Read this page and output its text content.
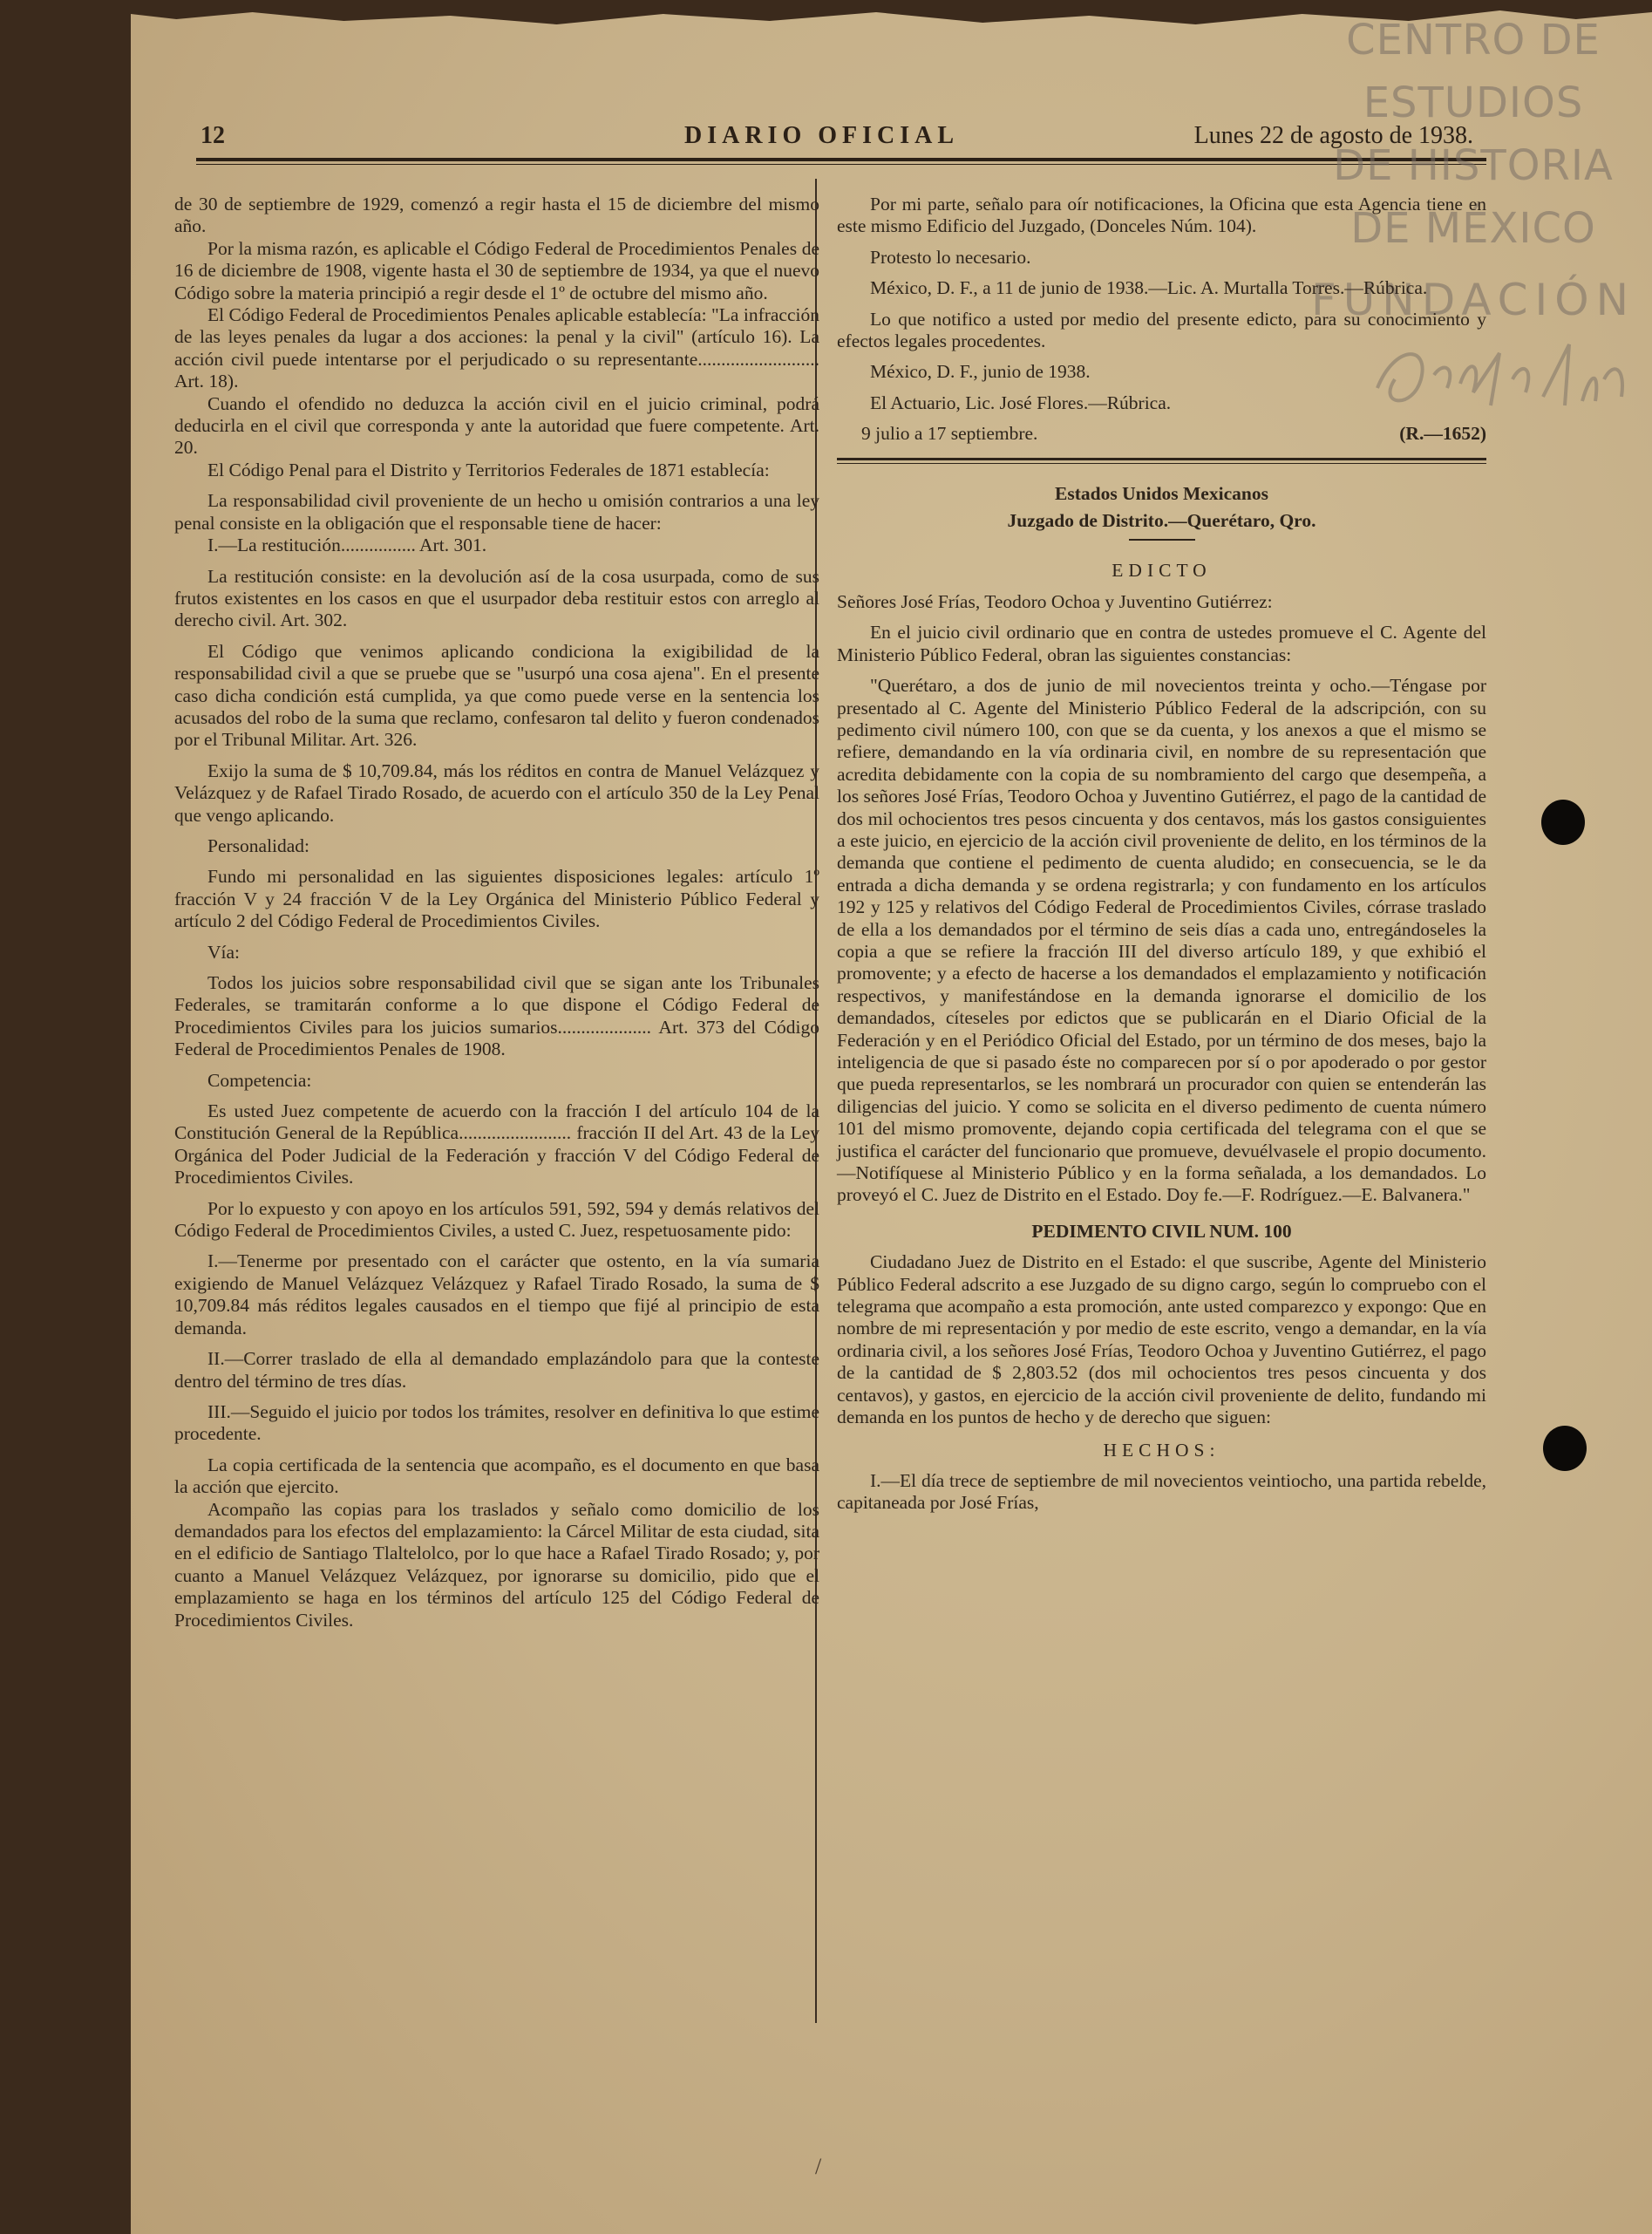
12	DIARIO OFICIAL	Lunes 22 de agosto de 1938.
CENTRO DE
ESTUDIOS
DE HISTORIA
DE MÉXICO
FUNDACIÓN

de 30 de septiembre de 1929, comenzó a regir hasta el 15 de diciembre del mismo año.

Por la misma razón, es aplicable el Código Federal de Procedimientos Penales de 16 de diciembre de 1908, vigente hasta el 30 de septiembre de 1934, ya que el nuevo Código sobre la materia principió a regir desde el 1º de octubre del mismo año.

El Código Federal de Procedimientos Penales aplicable establecía: "La infracción de las leyes penales da lugar a dos acciones: la penal y la civil" (artículo 16). La acción civil puede intentarse por el perjudicado o su representante.......................... Art. 18).

Cuando el ofendido no deduzca la acción civil en el juicio criminal, podrá deducirla en el civil que corresponda y ante la autoridad que fuere competente. Art. 20.

El Código Penal para el Distrito y Territorios Federales de 1871 establecía:

La responsabilidad civil proveniente de un hecho u omisión contrarios a una ley penal consiste en la obligación que el responsable tiene de hacer:

I.—La restitución................ Art. 301.

La restitución consiste: en la devolución así de la cosa usurpada, como de sus frutos existentes en los casos en que el usurpador deba restituir estos con arreglo al derecho civil. Art. 302.

El Código que venimos aplicando condiciona la exigibilidad de la responsabilidad civil a que se pruebe que se "usurpó una cosa ajena". En el presente caso dicha condición está cumplida, ya que como puede verse en la sentencia los acusados del robo de la suma que reclamo, confesaron tal delito y fueron condenados por el Tribunal Militar. Art. 326.

Exijo la suma de $ 10,709.84, más los réditos en contra de Manuel Velázquez y Velázquez y de Rafael Tirado Rosado, de acuerdo con el artículo 350 de la Ley Penal que vengo aplicando.

Personalidad:

Fundo mi personalidad en las siguientes disposiciones legales: artículo 1º fracción V y 24 fracción V de la Ley Orgánica del Ministerio Público Federal y artículo 2 del Código Federal de Procedimientos Civiles.

Vía:

Todos los juicios sobre responsabilidad civil que se sigan ante los Tribunales Federales, se tramitarán conforme a lo que dispone el Código Federal de Procedimientos Civiles para los juicios sumarios.................... Art. 373 del Código Federal de Procedimientos Penales de 1908.

Competencia:

Es usted Juez competente de acuerdo con la fracción I del artículo 104 de la Constitución General de la República........................ fracción II del Art. 43 de la Ley Orgánica del Poder Judicial de la Federación y fracción V del Código Federal de Procedimientos Civiles.

Por lo expuesto y con apoyo en los artículos 591, 592, 594 y demás relativos del Código Federal de Procedimientos Civiles, a usted C. Juez, respetuosamente pido:

I.—Tenerme por presentado con el carácter que ostento, en la vía sumaria exigiendo de Manuel Velázquez Velázquez y Rafael Tirado Rosado, la suma de $ 10,709.84 más réditos legales causados en el tiempo que fijé al principio de esta demanda.

II.—Correr traslado de ella al demandado emplazándolo para que la conteste dentro del término de tres días.

III.—Seguido el juicio por todos los trámites, resolver en definitiva lo que estime procedente.

La copia certificada de la sentencia que acompaño, es el documento en que basa la acción que ejercito.

Acompaño las copias para los traslados y señalo como domicilio de los demandados para los efectos del emplazamiento: la Cárcel Militar de esta ciudad, sita en el edificio de Santiago Tlaltelolco, por lo que hace a Rafael Tirado Rosado; y, por cuanto a Manuel Velázquez Velázquez, por ignorarse su domicilio, pido que el emplazamiento se haga en los términos del artículo 125 del Código Federal de Procedimientos Civiles.

Por mi parte, señalo para oír notificaciones, la Oficina que esta Agencia tiene en este mismo Edificio del Juzgado, (Donceles Núm. 104).

Protesto lo necesario.

México, D. F., a 11 de junio de 1938.—Lic. A. Murtalla Torres.—Rúbrica.

Lo que notifico a usted por medio del presente edicto, para su conocimiento y efectos legales procedentes.

México, D. F., junio de 1938.

El Actuario, Lic. José Flores.—Rúbrica.

9 julio a 17 septiembre.	(R.—1652)

Estados Unidos Mexicanos

Juzgado de Distrito.—Querétaro, Qro.

EDICTO

Señores José Frías, Teodoro Ochoa y Juventino Gutiérrez:

En el juicio civil ordinario que en contra de ustedes promueve el C. Agente del Ministerio Público Federal, obran las siguientes constancias:

"Querétaro, a dos de junio de mil novecientos treinta y ocho.—Téngase por presentado al C. Agente del Ministerio Público Federal de la adscripción, con su pedimento civil número 100, con que se da cuenta, y los anexos a que el mismo se refiere, demandando en la vía ordinaria civil, en nombre de su representación que acredita debidamente con la copia de su nombramiento del cargo que desempeña, a los señores José Frías, Teodoro Ochoa y Juventino Gutiérrez, el pago de la cantidad de dos mil ochocientos tres pesos cincuenta y dos centavos, más los gastos consiguientes a este juicio, en ejercicio de la acción civil proveniente de delito, en los términos de la demanda que contiene el pedimento de cuenta aludido; en consecuencia, se le da entrada a dicha demanda y se ordena registrarla; y con fundamento en los artículos 192 y 125 y relativos del Código Federal de Procedimientos Civiles, córrase traslado de ella a los demandados por el término de seis días a cada uno, entregándoseles la copia a que se refiere la fracción III del diverso artículo 189, y que exhibió el promovente; y a efecto de hacerse a los demandados el emplazamiento y notificación respectivos, y manifestándose en la demanda ignorarse el domicilio de los demandados, cíteseles por edictos que se publicarán en el Diario Oficial de la Federación y en el Periódico Oficial del Estado, por un término de dos meses, bajo la inteligencia de que si pasado éste no comparecen por sí o por apoderado o por gestor que pueda representarlos, se les nombrará un procurador con quien se entenderán las diligencias del juicio. Y como se solicita en el diverso pedimento de cuenta número 101 del mismo promovente, dejando copia certificada del telegrama con el que se justifica el carácter del funcionario que promueve, devuélvasele el propio documento.—Notifíquese al Ministerio Público y en la forma señalada, a los demandados. Lo proveyó el C. Juez de Distrito en el Estado. Doy fe.—F. Rodríguez.—E. Balvanera."

PEDIMENTO CIVIL NUM. 100

Ciudadano Juez de Distrito en el Estado: el que suscribe, Agente del Ministerio Público Federal adscrito a ese Juzgado de su digno cargo, según lo compruebo con el telegrama que acompaño a esta promoción, ante usted comparezco y expongo: Que en nombre de mi representación y por medio de este escrito, vengo a demandar, en la vía ordinaria civil, a los señores José Frías, Teodoro Ochoa y Juventino Gutiérrez, el pago de la cantidad de $ 2,803.52 (dos mil ochocientos tres pesos cincuenta y dos centavos), y gastos, en ejercicio de la acción civil proveniente de delito, fundando mi demanda en los puntos de hecho y de derecho que siguen:

HECHOS:

I.—El día trece de septiembre de mil novecientos veintiocho, una partida rebelde, capitaneada por José Frías,

/
